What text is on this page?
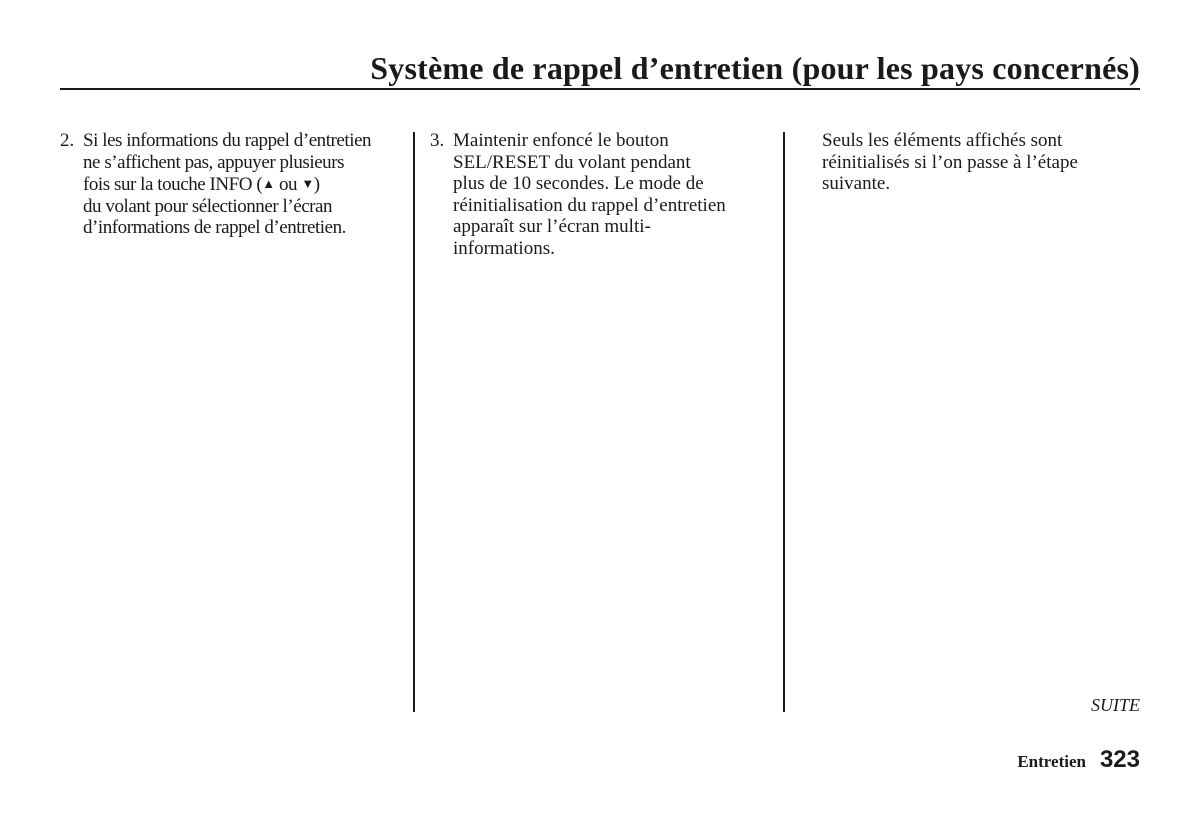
Système de rappel d’entretien (pour les pays concernés)
2. Si les informations du rappel d’entretien
ne s’affichent pas, appuyer plusieurs
fois sur la touche INFO (▲ ou ▼)
du volant pour sélectionner l’écran
d’informations de rappel d’entretien.
3. Maintenir enfoncé le bouton
SEL/RESET du volant pendant
plus de 10 secondes. Le mode de
réinitialisation du rappel d’entretien
apparaît sur l’écran multi-
informations.
Seuls les éléments affichés sont
réinitialisés si l’on passe à l’étape
suivante.
SUITE
Entretien 323
